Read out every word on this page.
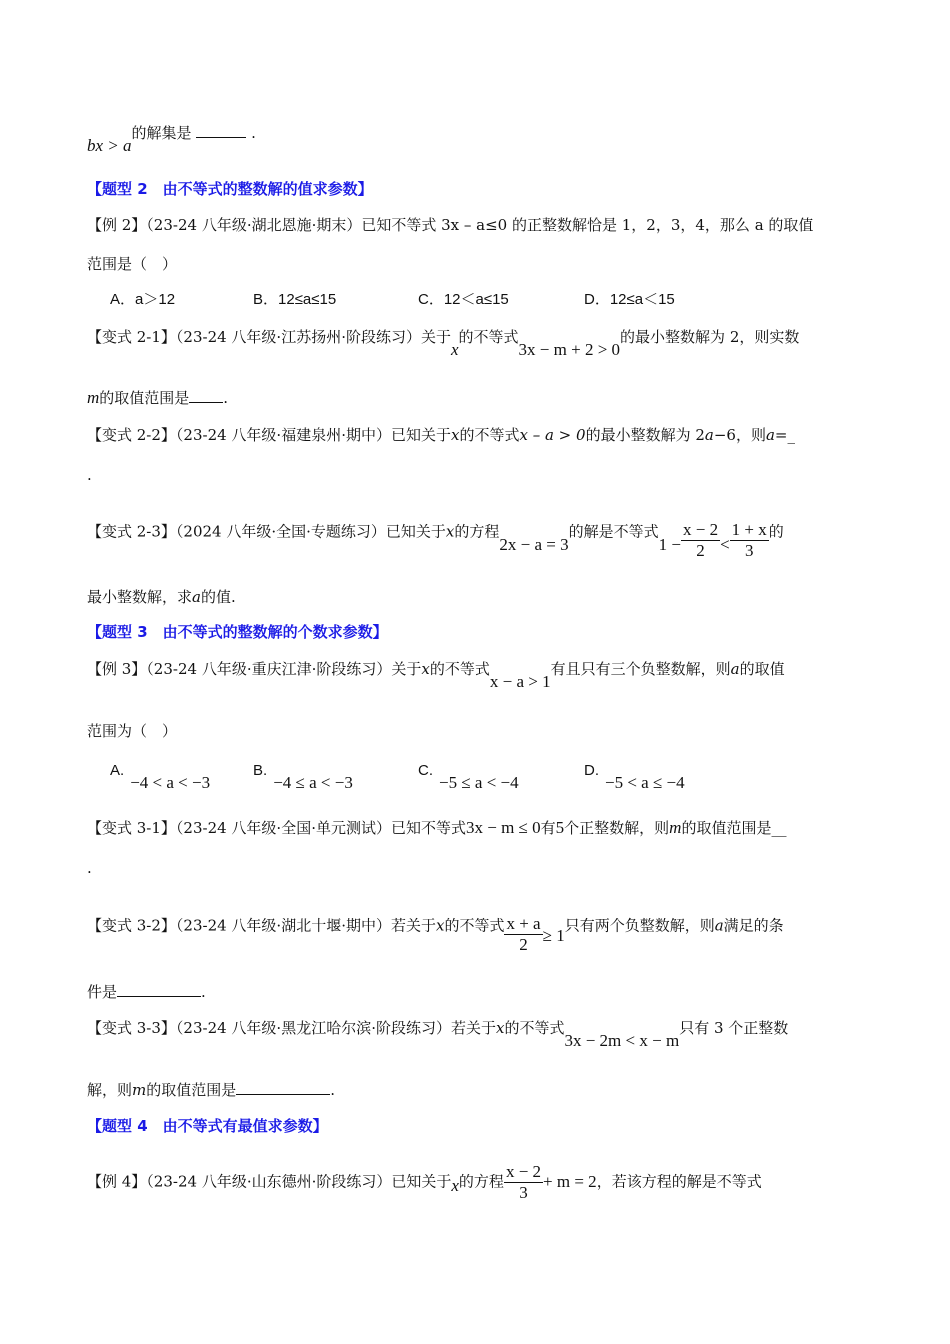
bx > a的解集是	.
【题型 2　由不等式的整数解的值求参数】
【例 2】（23-24 八年级·湖北恩施·期末）已知不等式 3x – a≤0 的正整数解恰是 1，2，3，4，那么 a 的取值
范围是（　）
A．a＞12	B．12≤a≤15	C．12＜a≤15	D．12≤a＜15
【变式 2-1】（23-24 八年级·江苏扬州·阶段练习）关于x的不等式3x − m + 2 > 0的最小整数解为 2，则实数
m的取值范围是 .
【变式 2-2】（23-24 八年级·福建泉州·期中）已知关于x的不等式x – a > 0的最小整数解为 2a−6，则a=_
.
【变式 2-3】（2024 八年级·全国·专题练习）已知关于x的方程2x − a = 3的解是不等式$1 - \frac{x - 2}{2} < \frac{1 + x}{3}$ 的
最小整数解，求a的值.
【题型 3　由不等式的整数解的个数求参数】
【例 3】（23-24 八年级·重庆江津·阶段练习）关于x的不等式x − a > 1有且只有三个负整数解，则a的取值
范围为（　）
A.−4 < a < −3
B.−4 ≤ a < −3
C.−5 ≤ a < −4
D.−5 < a ≤ −4
【变式 3-1】（23-24 八年级·全国·单元测试）已知不等式3x − m ≤ 0有5个正整数解，则m的取值范围是__
.
【变式 3-2】（23-24 八年级·湖北十堰·期中）若关于x的不等式 $\frac{x + a}{2} \ge 1$只有两个负整数解，则a满足的条
件是	.
【变式 3-3】（23-24 八年级·黑龙江哈尔滨·阶段练习）若关于x的不等式3x − 2m < x − m只有 3 个正整数
解，则m的取值范围是	.
【题型 4　由不等式有最值求参数】
【例 4】（23-24 八年级·山东德州·阶段练习）已知关于x的方程 $\frac{x - 2}{3} + m = 2$，若该方程的解是不等式
